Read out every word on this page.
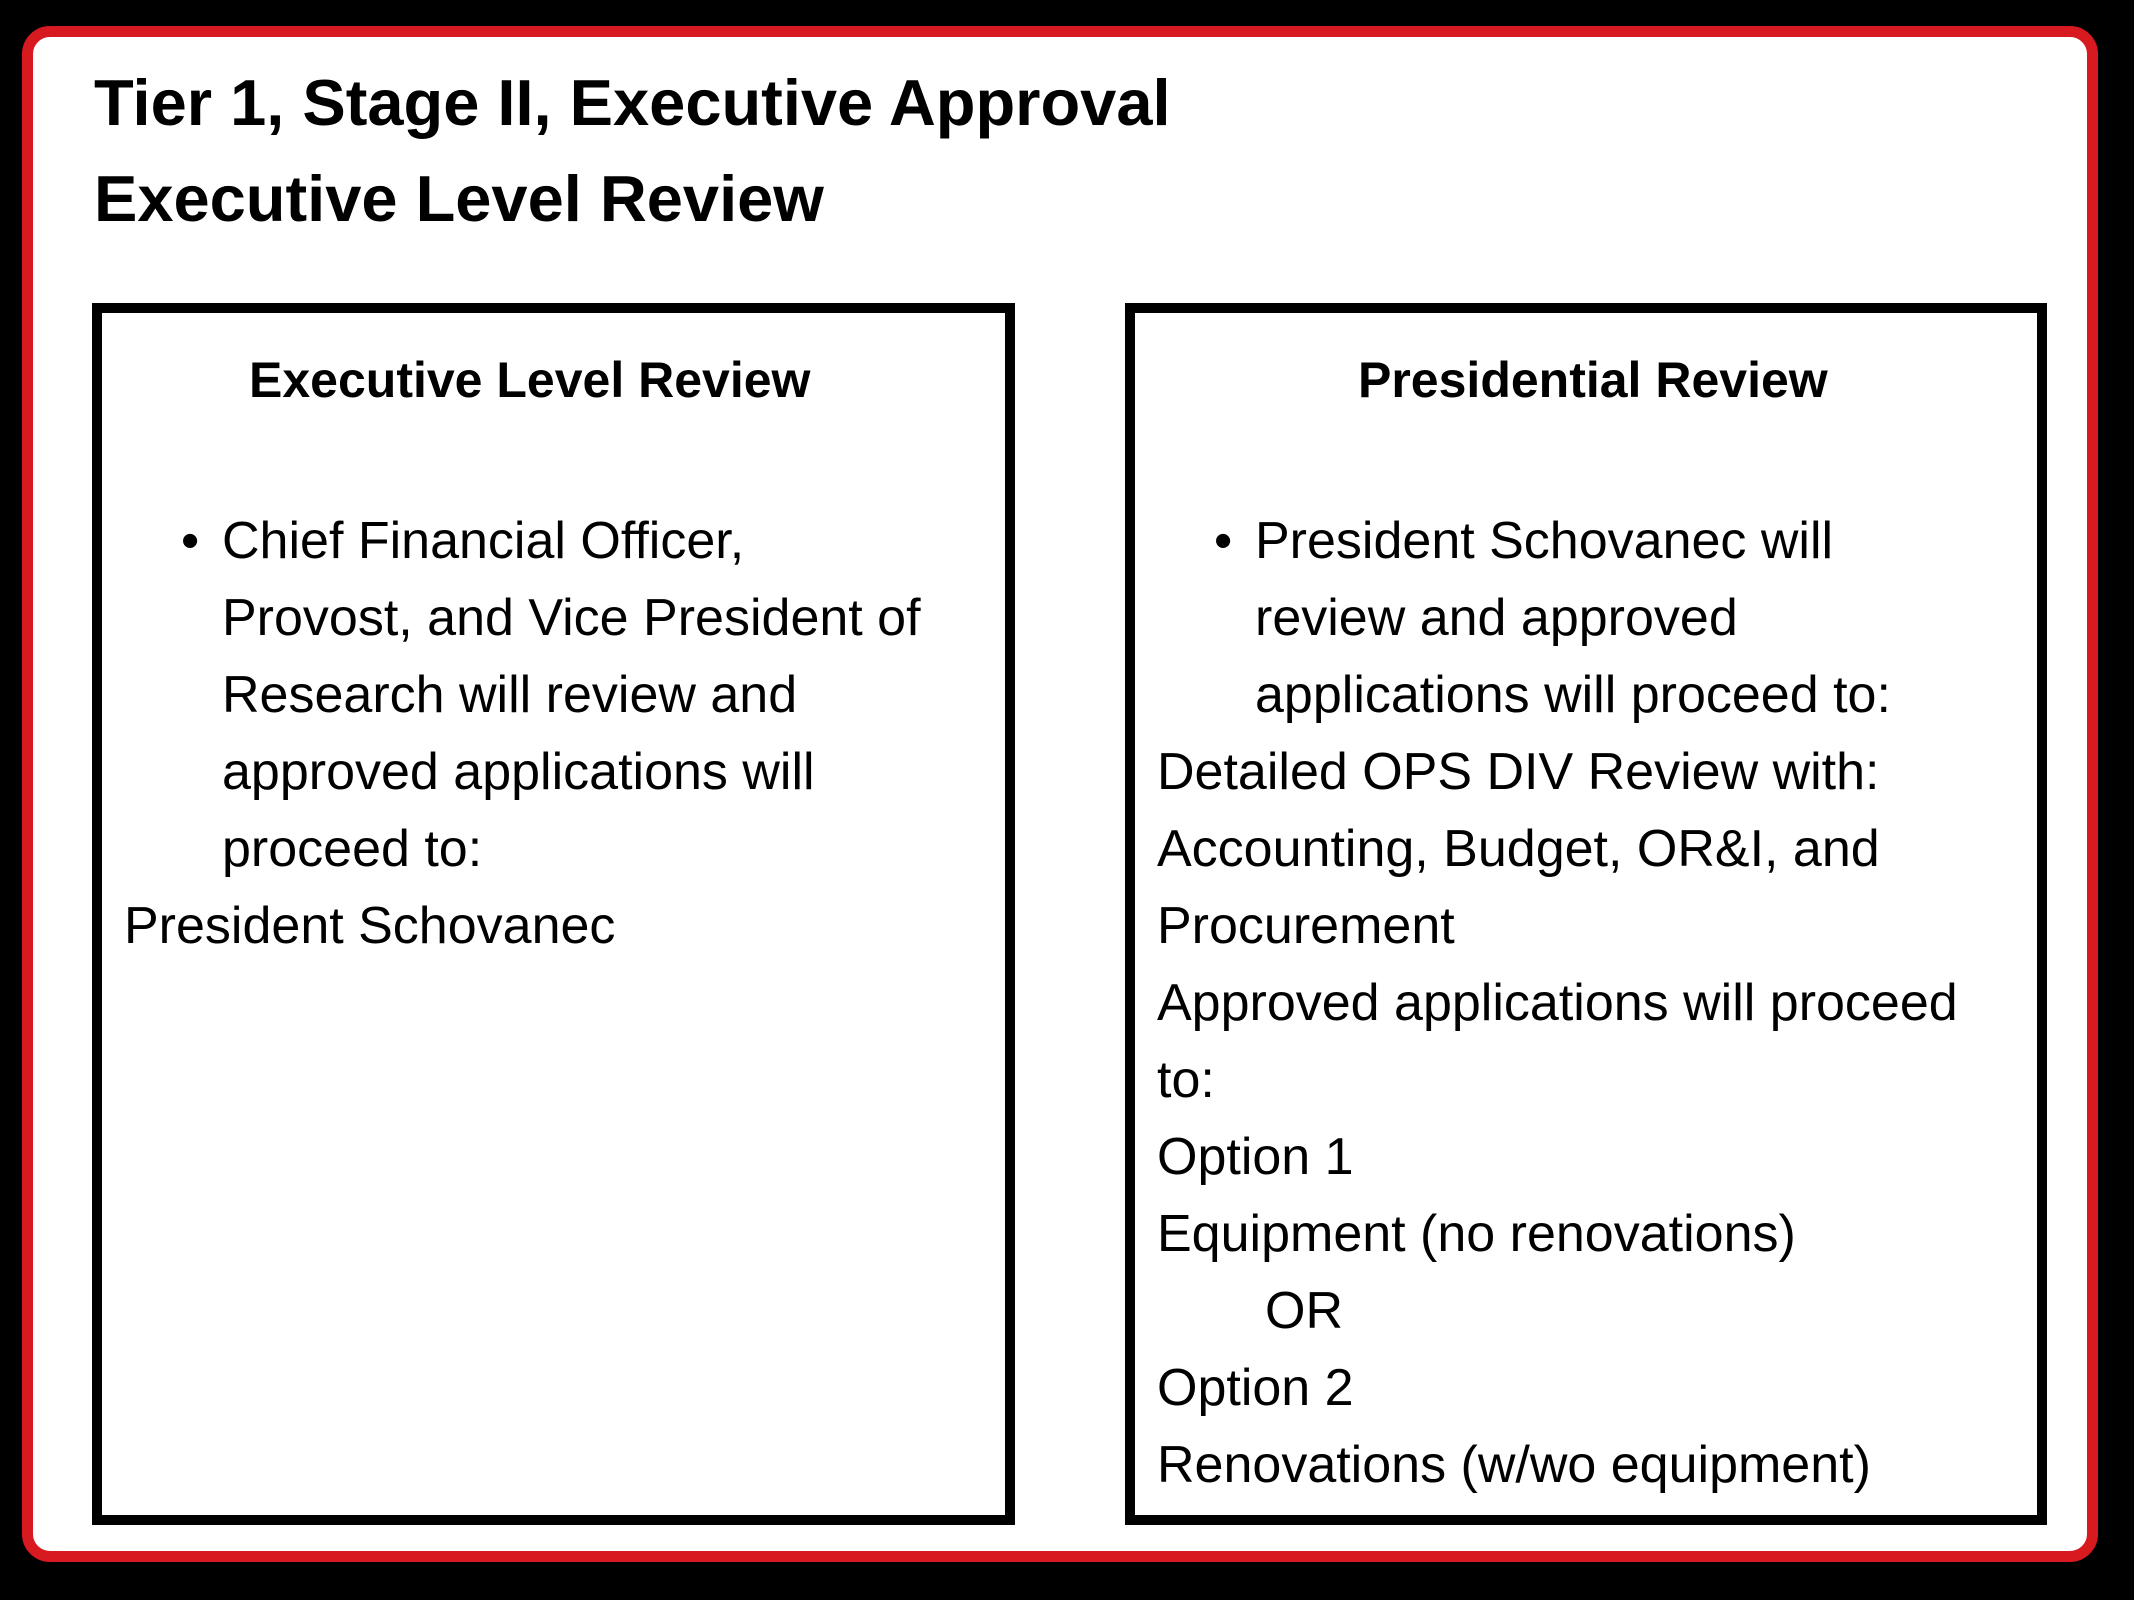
Tier 1, Stage II, Executive Approval
Executive Level Review
Executive Level Review
• Chief Financial Officer,
Provost, and Vice President of
Research will review and
approved applications will
proceed to:
President Schovanec
Presidential Review
• President Schovanec will
review and approved
applications will proceed to:
Detailed OPS DIV Review with:
Accounting, Budget, OR&I, and
Procurement
Approved applications will proceed
to:
Option 1
Equipment (no renovations)
OR
Option 2
Renovations (w/wo equipment)
